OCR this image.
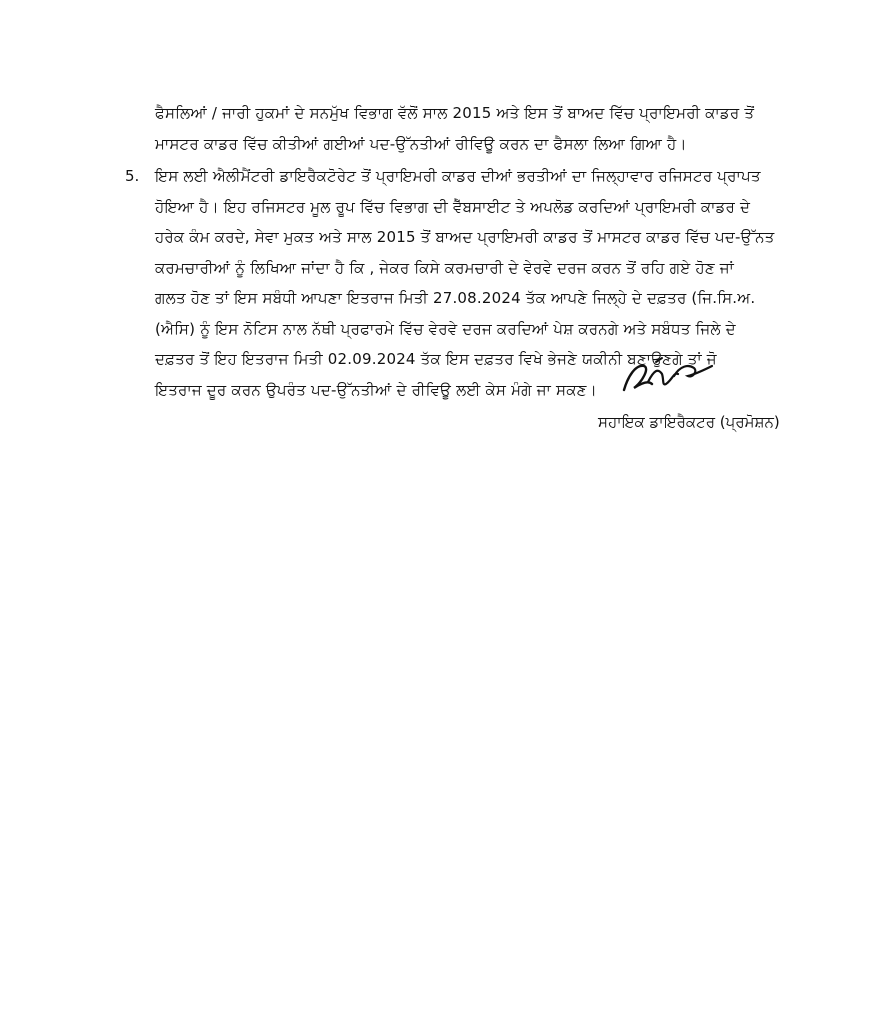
ਫੈਸਲਿਆਂ / ਜਾਰੀ ਹੁਕਮਾਂ ਦੇ ਸਨਮੁੱਖ ਵਿਭਾਗ ਵੱਲੋਂ ਸਾਲ 2015 ਅਤੇ ਇਸ ਤੋਂ ਬਾਅਦ ਵਿੱਚ ਪ੍ਰਾਇਮਰੀ ਕਾਡਰ ਤੋਂ
ਮਾਸਟਰ ਕਾਡਰ ਵਿੱਚ ਕੀਤੀਆਂ ਗਈਆਂ ਪਦ-ਉੱਨਤੀਆਂ ਰੀਵਿਊ ਕਰਨ ਦਾ ਫੈਸਲਾ ਲਿਆ ਗਿਆ ਹੈ।
5. ਇਸ ਲਈ ਐਲੀਮੈਂਟਰੀ ਡਾਇਰੈਕਟੋਰੇਟ ਤੋਂ ਪ੍ਰਾਇਮਰੀ ਕਾਡਰ ਦੀਆਂ ਭਰਤੀਆਂ ਦਾ ਜਿਲ੍ਹਾਵਾਰ ਰਜਿਸਟਰ ਪ੍ਰਾਪਤ
ਹੋਇਆ ਹੈ। ਇਹ ਰਜਿਸਟਰ ਮੂਲ ਰੂਪ ਵਿੱਚ ਵਿਭਾਗ ਦੀ ਵੈੱਬਸਾਈਟ ਤੇ ਅਪਲੋਡ ਕਰਦਿਆਂ ਪ੍ਰਾਇਮਰੀ ਕਾਡਰ ਦੇ
ਹਰੇਕ ਕੰਮ ਕਰਦੇ, ਸੇਵਾ ਮੁਕਤ ਅਤੇ ਸਾਲ 2015 ਤੋਂ ਬਾਅਦ ਪ੍ਰਾਇਮਰੀ ਕਾਡਰ ਤੋਂ ਮਾਸਟਰ ਕਾਡਰ ਵਿੱਚ ਪਦ-ਉੱਨਤ
ਕਰਮਚਾਰੀਆਂ ਨੂੰ ਲਿਖਿਆ ਜਾਂਦਾ ਹੈ ਕਿ , ਜੇਕਰ ਕਿਸੇ ਕਰਮਚਾਰੀ ਦੇ ਵੇਰਵੇ ਦਰਜ ਕਰਨ ਤੋਂ ਰਹਿ ਗਏ ਹੋਣ ਜਾਂ
ਗਲਤ ਹੋਣ ਤਾਂ ਇਸ ਸਬੰਧੀ ਆਪਣਾ ਇਤਰਾਜ ਮਿਤੀ 27.08.2024 ਤੱਕ ਆਪਣੇ ਜਿਲ੍ਹੇ ਦੇ ਦਫ਼ਤਰ (ਜਿ.ਸਿ.ਅ.
(ਐਸਿ) ਨੂੰ ਇਸ ਨੋਟਿਸ ਨਾਲ ਨੱਥੀ ਪ੍ਰਫਾਰਮੇ ਵਿੱਚ ਵੇਰਵੇ ਦਰਜ ਕਰਦਿਆਂ ਪੇਸ਼ ਕਰਨਗੇ ਅਤੇ ਸਬੰਧਤ ਜਿਲੇ ਦੇ
ਦਫ਼ਤਰ ਤੋਂ ਇਹ ਇਤਰਾਜ ਮਿਤੀ 02.09.2024 ਤੱਕ ਇਸ ਦਫ਼ਤਰ ਵਿਖੇ ਭੇਜਣੇ ਯਕੀਨੀ ਬਣਾਉਣਗੇ ਤਾਂ ਜੋ
ਇਤਰਾਜ ਦੂਰ ਕਰਨ ਉਪਰੰਤ ਪਦ-ਉੱਨਤੀਆਂ ਦੇ ਰੀਵਿਊ ਲਈ ਕੇਸ ਮੰਗੇ ਜਾ ਸਕਣ।
ਸਹਾਇਕ ਡਾਇਰੈਕਟਰ (ਪ੍ਰਮੋਸ਼ਨ)
